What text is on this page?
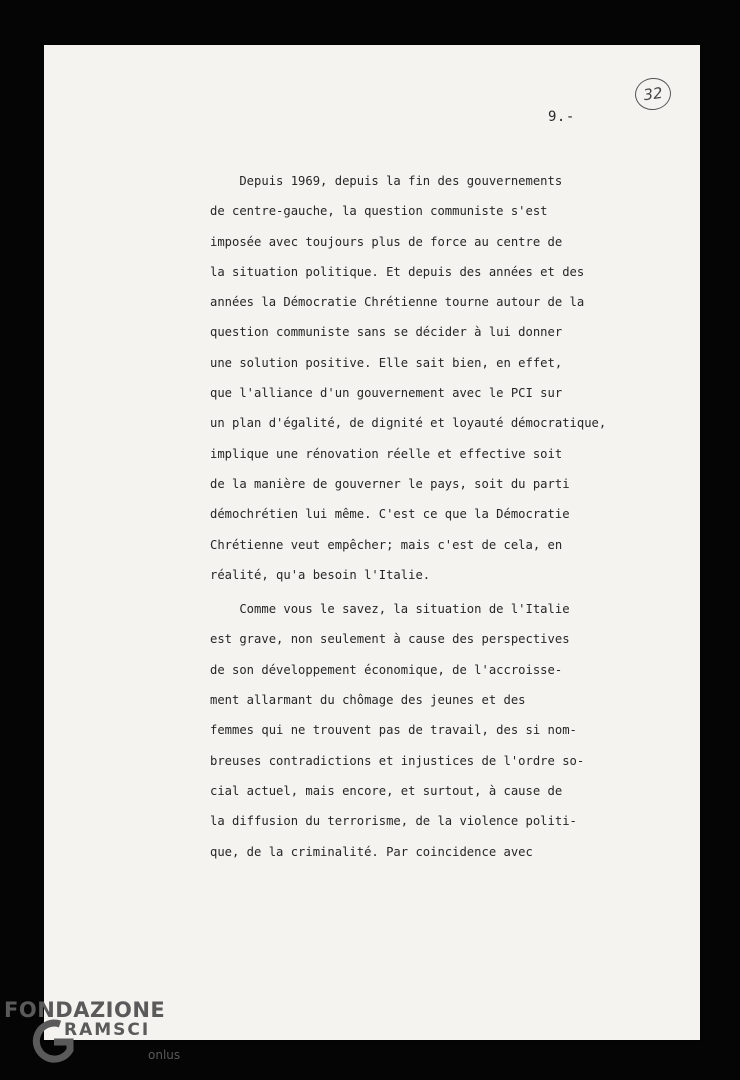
32
9.-
Depuis 1969, depuis la fin des gouvernements
de centre-gauche, la question communiste s'est
imposée avec toujours plus de force au centre de
la situation politique. Et depuis des années et des
années la Démocratie Chrétienne tourne autour de la
question communiste sans se décider à lui donner
une solution positive. Elle sait bien, en effet,
que l'alliance d'un gouvernement avec le PCI sur
un plan d'égalité, de dignité et loyauté démocratique,
implique une rénovation réelle et effective soit
de la manière de gouverner le pays, soit du parti
démochrétien lui même. C'est ce que la Démocratie
Chrétienne veut empêcher; mais c'est de cela, en
réalité, qu'a besoin l'Italie.
Comme vous le savez, la situation de l'Italie
est grave, non seulement à cause des perspectives
de son développement économique, de l'accroisse-
ment allarmant du chômage des jeunes et des
femmes qui ne trouvent pas de travail, des si nom-
breuses contradictions et injustices de l'ordre so-
cial actuel, mais encore, et surtout, à cause de
la diffusion du terrorisme, de la violence politi-
que, de la criminalité. Par coincidence avec
FONDAZIONE
RAMSCI
onlus
